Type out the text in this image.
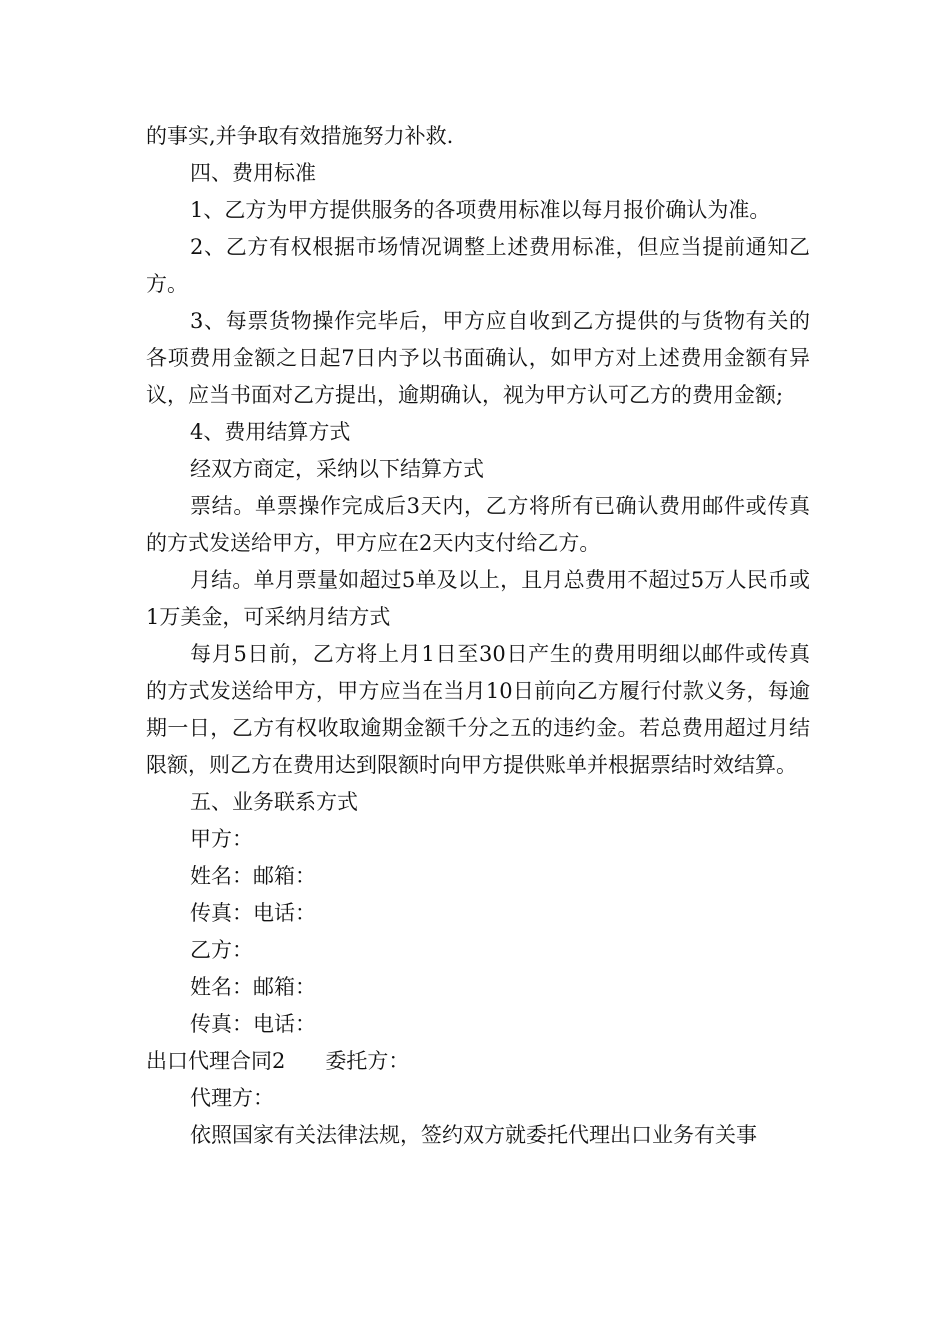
的事实,并争取有效措施努力补救.

四、费用标准

1、乙方为甲方提供服务的各项费用标准以每月报价确认为准。

2、乙方有权根据市场情况调整上述费用标准，但应当提前通知乙方。

3、每票货物操作完毕后，甲方应自收到乙方提供的与货物有关的各项费用金额之日起7日内予以书面确认，如甲方对上述费用金额有异议，应当书面对乙方提出，逾期确认，视为甲方认可乙方的费用金额;

4、费用结算方式

经双方商定，采纳以下结算方式

票结。单票操作完成后3天内，乙方将所有已确认费用邮件或传真的方式发送给甲方，甲方应在2天内支付给乙方。

月结。单月票量如超过5单及以上，且月总费用不超过5万人民币或1万美金，可采纳月结方式

每月5日前，乙方将上月1日至30日产生的费用明细以邮件或传真的方式发送给甲方，甲方应当在当月10日前向乙方履行付款义务，每逾期一日，乙方有权收取逾期金额千分之五的违约金。若总费用超过月结限额，则乙方在费用达到限额时向甲方提供账单并根据票结时效结算。

五、业务联系方式

甲方：

姓名：邮箱：

传真：电话：

乙方：

姓名：邮箱：

传真：电话：

出口代理合同2 委托方：

代理方：

依照国家有关法律法规，签约双方就委托代理出口业务有关事
